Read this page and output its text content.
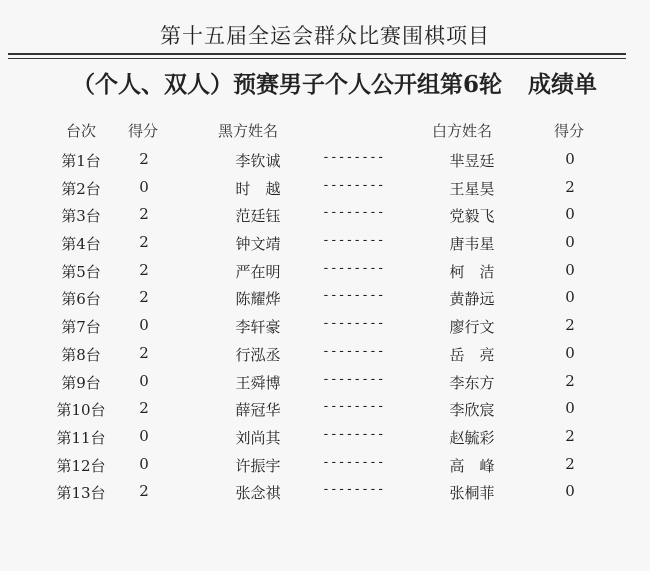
第十五届全运会群众比赛围棋项目
（个人、双人）预赛男子个人公开组第6轮 成绩单
台次 得分	黑方姓名	白方姓名	得分
第1台	2	李钦诚	--------	芈昱廷	0
第2台	0	时　越	--------	王星昊	2
第3台	2	范廷钰	--------	党毅飞	0
第4台	2	钟文靖	--------	唐韦星	0
第5台	2	严在明	--------	柯　洁	0
第6台	2	陈耀烨	--------	黄静远	0
第7台	0	李轩豪	--------	廖行文	2
第8台	2	行泓丞	--------	岳　亮	0
第9台	0	王舜博	--------	李东方	2
第10台 2	薛冠华	--------	李欣宸	0
第11台 0	刘尚其	--------	赵毓彩	2
第12台 0	许振宇	--------	高　峰	2
第13台 2	张念祺	--------	张桐菲	0
